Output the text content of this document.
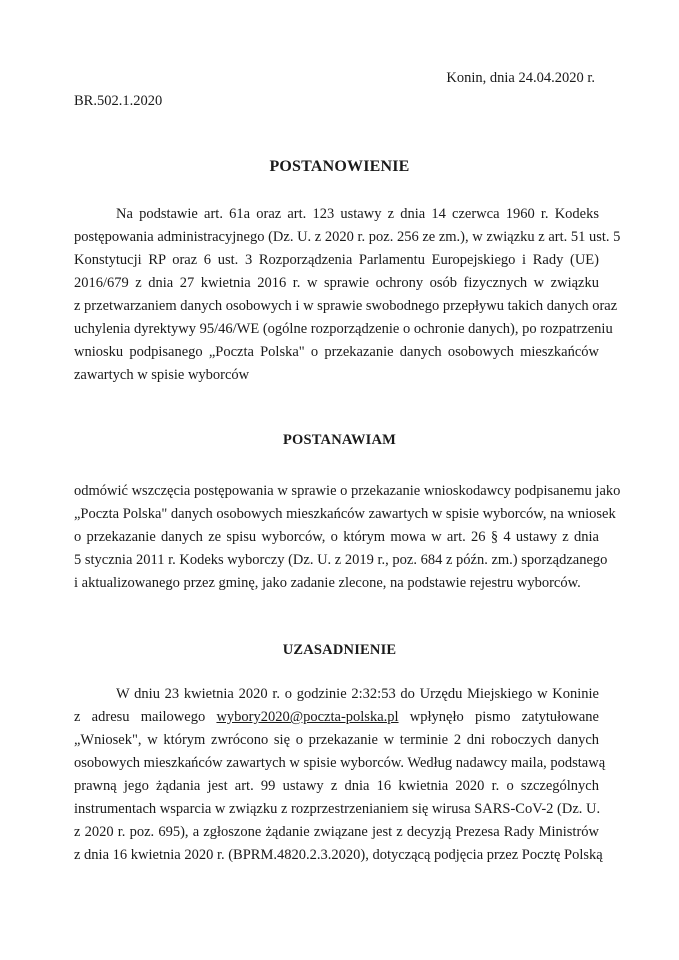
Konin, dnia 24.04.2020 r.
BR.502.1.2020
POSTANOWIENIE
Na podstawie art. 61a oraz art. 123 ustawy z dnia 14 czerwca 1960 r. Kodeks
postępowania administracyjnego (Dz. U. z 2020 r. poz. 256 ze zm.), w związku z art. 51 ust. 5
Konstytucji RP oraz 6 ust. 3 Rozporządzenia Parlamentu Europejskiego i Rady (UE)
2016/679 z dnia 27 kwietnia 2016 r. w sprawie ochrony osób fizycznych w związku
z przetwarzaniem danych osobowych i w sprawie swobodnego przepływu takich danych oraz
uchylenia dyrektywy 95/46/WE (ogólne rozporządzenie o ochronie danych), po rozpatrzeniu
wniosku podpisanego „Poczta Polska" o przekazanie danych osobowych mieszkańców
zawartych w spisie wyborców
POSTANAWIAM
odmówić wszczęcia postępowania w sprawie o przekazanie wnioskodawcy podpisanemu jako
„Poczta Polska" danych osobowych mieszkańców zawartych w spisie wyborców, na wniosek
o przekazanie danych ze spisu wyborców, o którym mowa w art. 26 § 4 ustawy z dnia
5 stycznia 2011 r. Kodeks wyborczy (Dz. U. z 2019 r., poz. 684 z późn. zm.) sporządzanego
i aktualizowanego przez gminę, jako zadanie zlecone, na podstawie rejestru wyborców.
UZASADNIENIE
W dniu 23 kwietnia 2020 r. o godzinie 2:32:53 do Urzędu Miejskiego w Koninie
z adresu mailowego wybory2020@poczta-polska.pl wpłynęło pismo zatytułowane
„Wniosek", w którym zwrócono się o przekazanie w terminie 2 dni roboczych danych
osobowych mieszkańców zawartych w spisie wyborców. Według nadawcy maila, podstawą
prawną jego żądania jest art. 99 ustawy z dnia 16 kwietnia 2020 r. o szczególnych
instrumentach wsparcia w związku z rozprzestrzenianiem się wirusa SARS-CoV-2 (Dz. U.
z 2020 r. poz. 695), a zgłoszone żądanie związane jest z decyzją Prezesa Rady Ministrów
z dnia 16 kwietnia 2020 r. (BPRM.4820.2.3.2020), dotyczącą podjęcia przez Pocztę Polską
